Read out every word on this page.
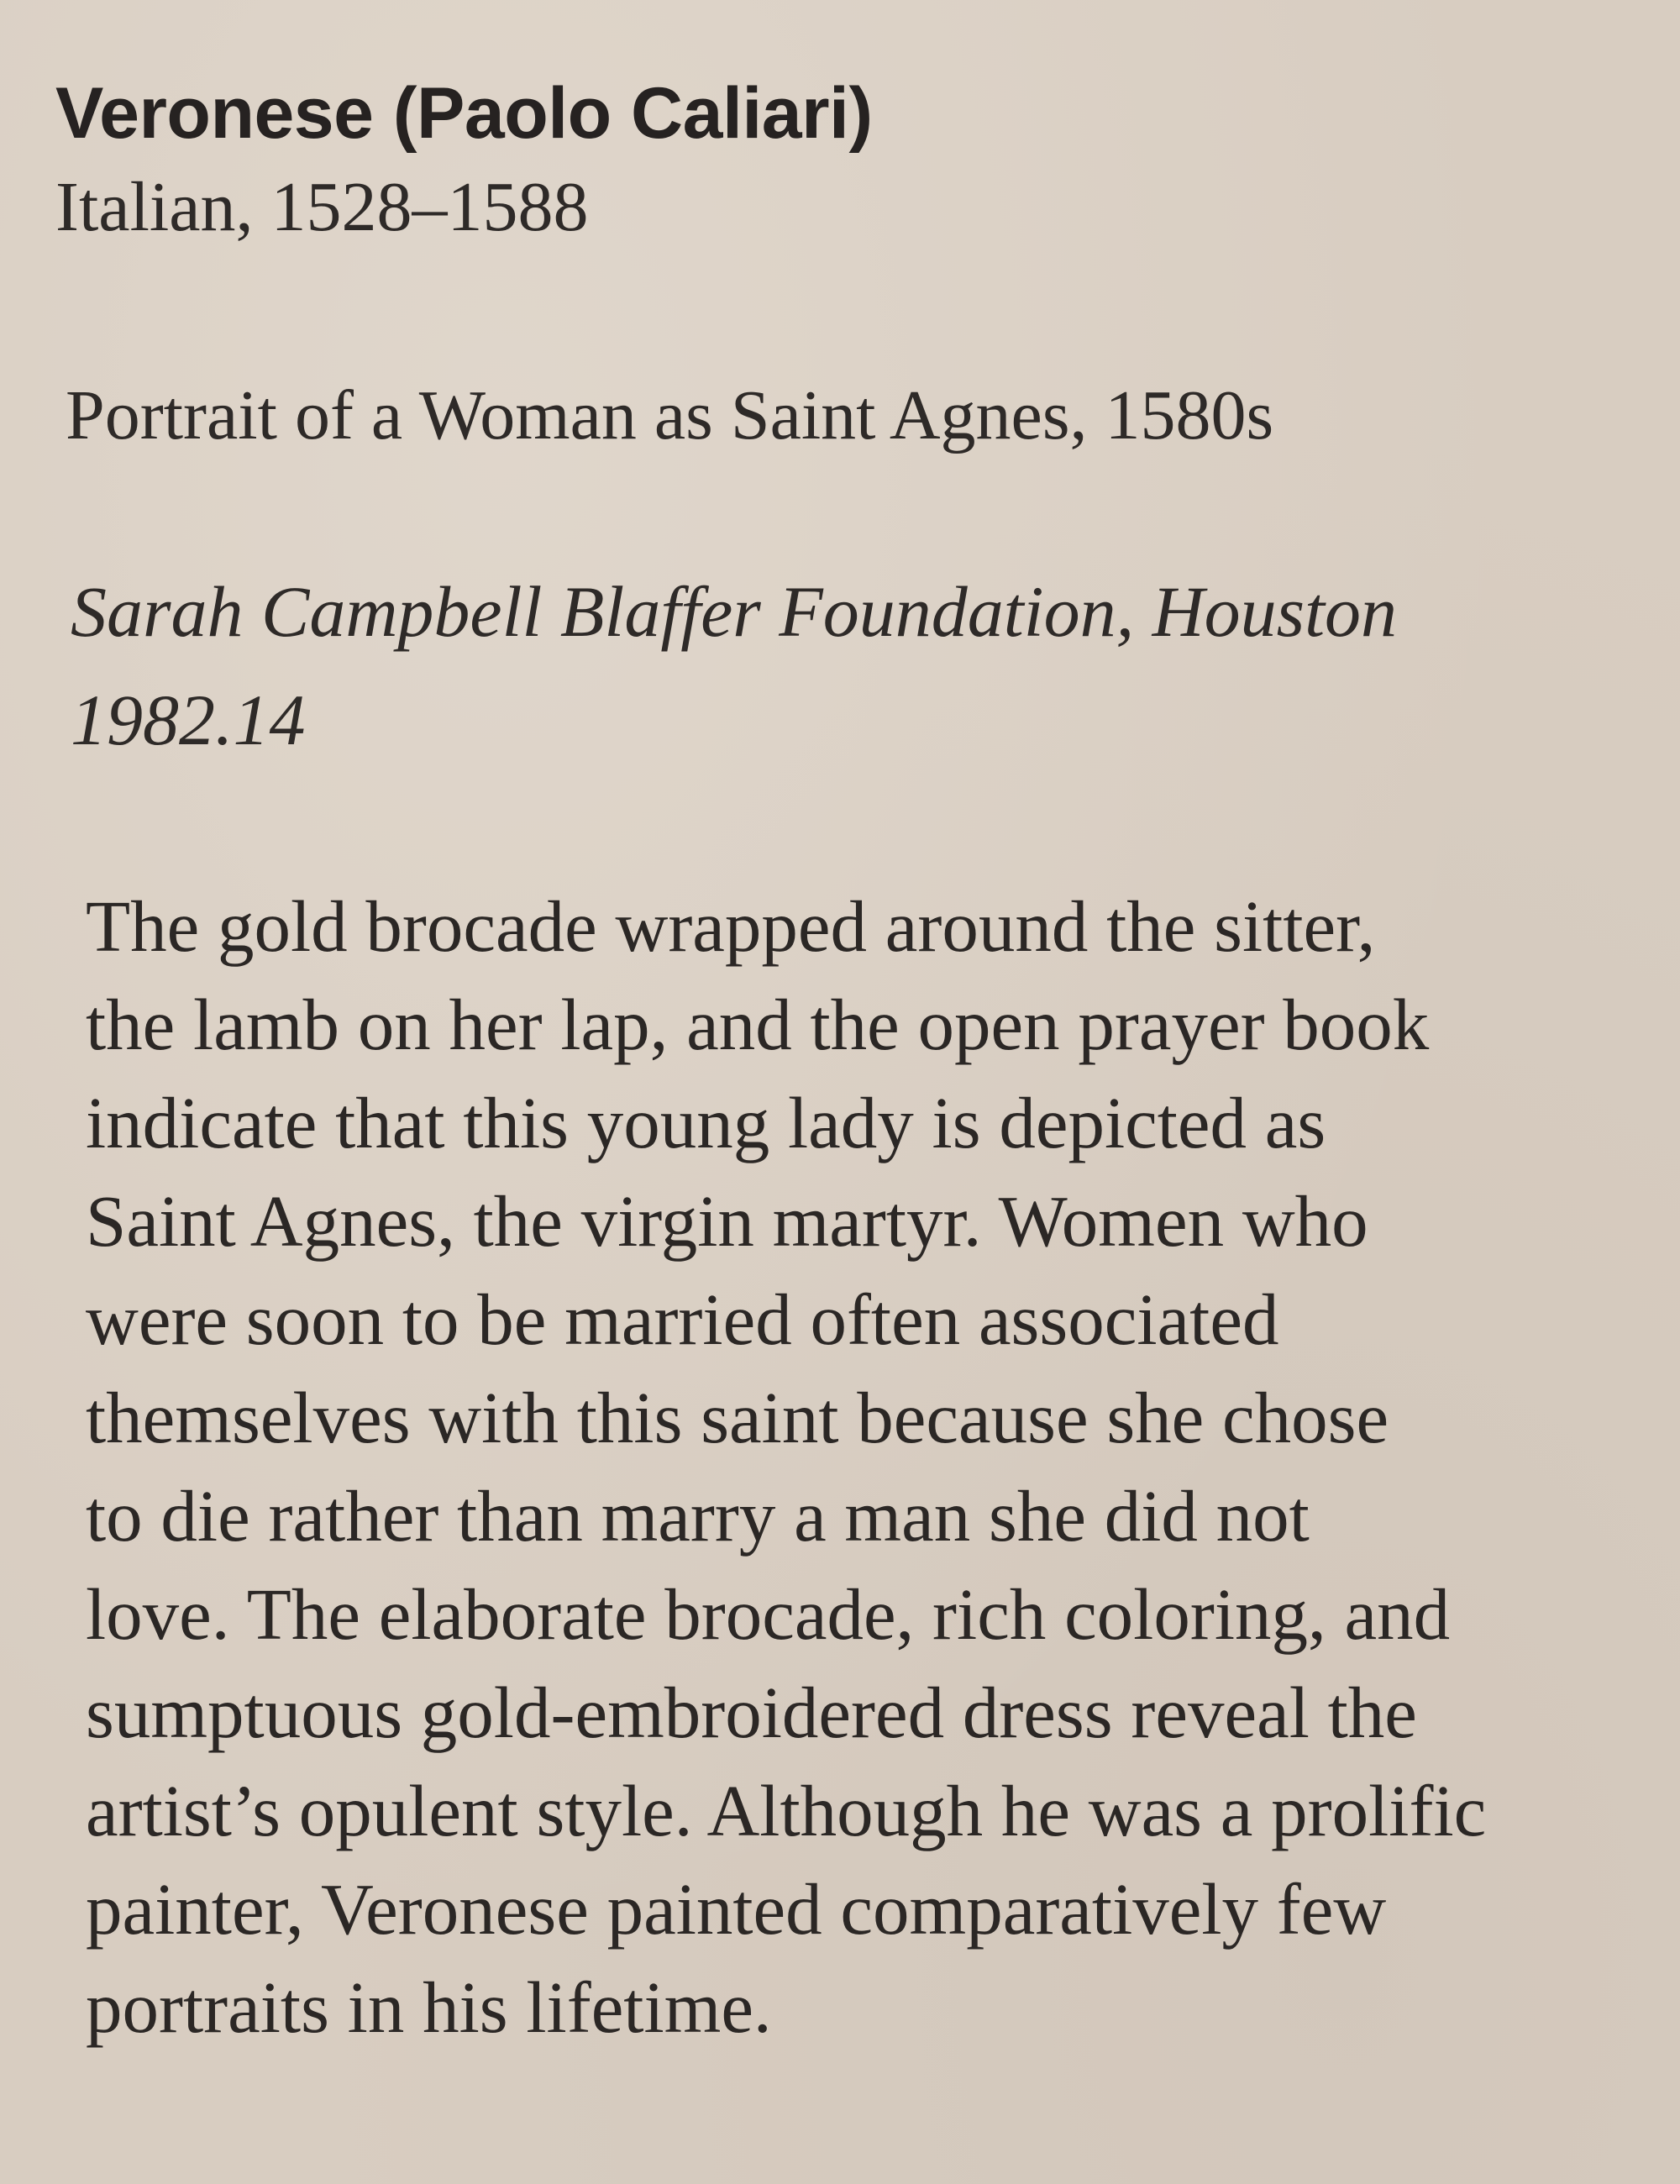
Veronese (Paolo Caliari)
Italian, 1528–1588
Portrait of a Woman as Saint Agnes, 1580s
Sarah Campbell Blaffer Foundation, Houston
1982.14
The gold brocade wrapped around the sitter,
the lamb on her lap, and the open prayer book
indicate that this young lady is depicted as
Saint Agnes, the virgin martyr. Women who
were soon to be married often associated
themselves with this saint because she chose
to die rather than marry a man she did not
love. The elaborate brocade, rich coloring, and
sumptuous gold-embroidered dress reveal the
artist’s opulent style. Although he was a prolific
painter, Veronese painted comparatively few
portraits in his lifetime.
